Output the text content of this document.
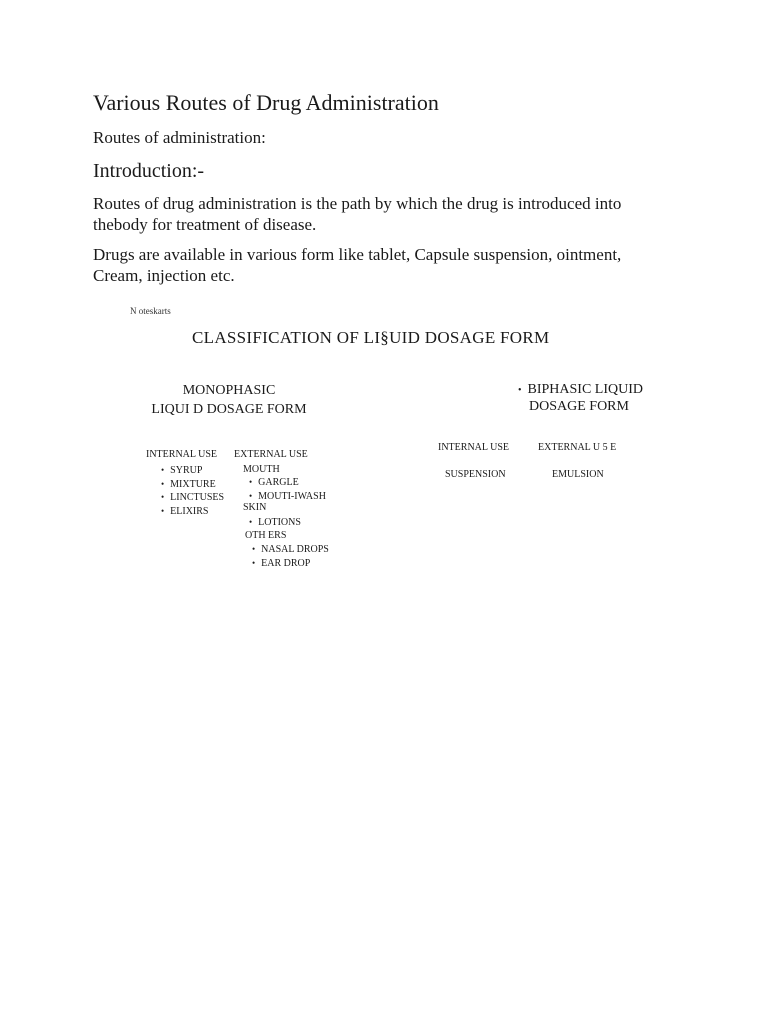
Various Routes of Drug Administration
Routes of administration:
Introduction:-
Routes of drug administration is the path by which the drug is introduced into thebody for treatment of disease.
Drugs are available in various form like tablet, Capsule suspension, ointment, Cream, injection etc.
N oteskarts
CLASSIFICATION OF LI§UID DOSAGE FORM
MONOPHASIC
LIQUI D DOSAGE FORM
INTERNAL USE
• SYRUP
• MIXTURE
• LINCTUSES
• ELIXIRS
EXTERNAL USE
MOUTH
• GARGLE
• MOUTI-IWASH
SKIN
• LOTIONS
OTH ERS
• NASAL DROPS
• EAR DROP
• BIPHASIC LIQUID
DOSAGE FORM
INTERNAL USE	EXTERNAL U 5 E
SUSPENSION	EMULSION
